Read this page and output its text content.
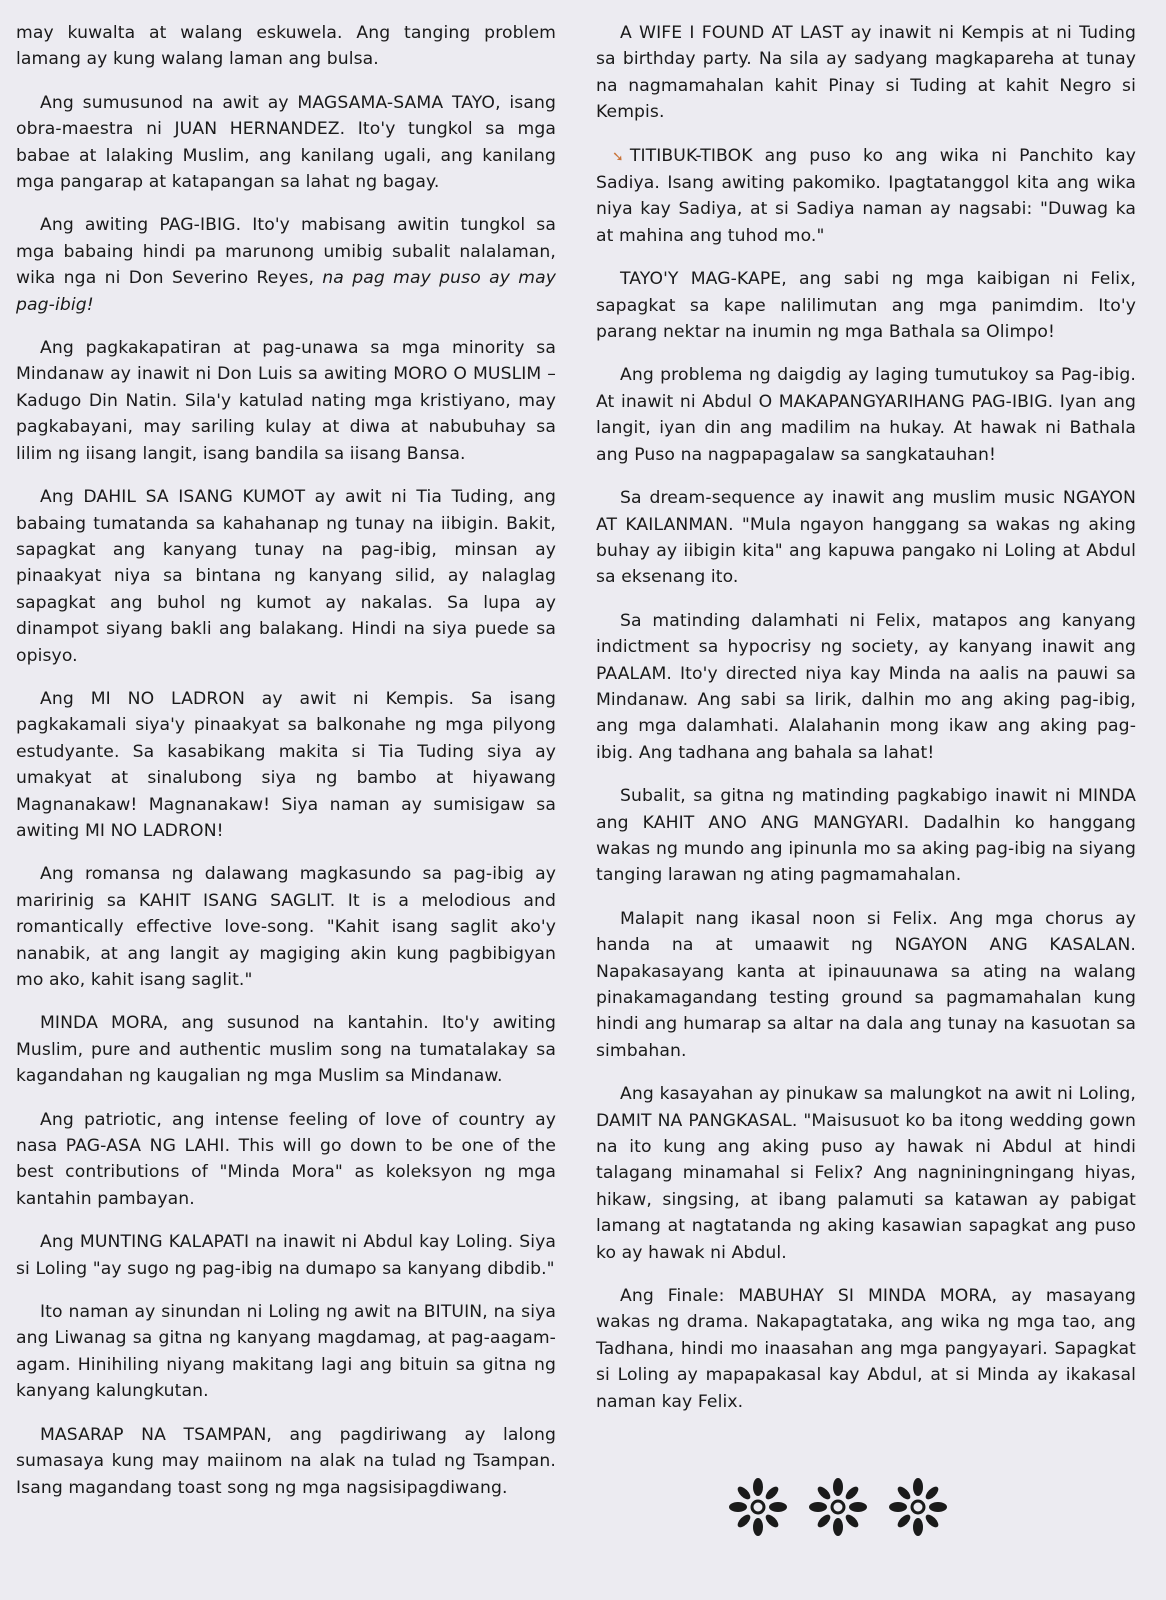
may kuwalta at walang eskuwela. Ang tanging problem lamang ay kung walang laman ang bulsa.

Ang sumusunod na awit ay MAGSAMA-SAMA TAYO, isang obra-maestra ni JUAN HERNANDEZ. Ito'y tungkol sa mga babae at lalaking Muslim, ang kanilang ugali, ang kanilang mga pangarap at katapangan sa lahat ng bagay.

Ang awiting PAG-IBIG. Ito'y mabisang awitin tungkol sa mga babaing hindi pa marunong umibig subalit nalalaman, wika nga ni Don Severino Reyes, na pag may puso ay may pag-ibig!

Ang pagkakapatiran at pag-unawa sa mga minority sa Mindanaw ay inawit ni Don Luis sa awiting MORO O MUSLIM – Kadugo Din Natin. Sila'y katulad nating mga kristiyano, may pagkabayani, may sariling kulay at diwa at nabubuhay sa lilim ng iisang langit, isang bandila sa iisang Bansa.

Ang DAHIL SA ISANG KUMOT ay awit ni Tia Tuding, ang babaing tumatanda sa kahahanap ng tunay na iibigin. Bakit, sapagkat ang kanyang tunay na pag-ibig, minsan ay pinaakyat niya sa bintana ng kanyang silid, ay nalaglag sapagkat ang buhol ng kumot ay nakalas. Sa lupa ay dinampot siyang bakli ang balakang. Hindi na siya puede sa opisyo.

Ang MI NO LADRON ay awit ni Kempis. Sa isang pagkakamali siya'y pinaakyat sa balkonahe ng mga pilyong estudyante. Sa kasabikang makita si Tia Tuding siya ay umakyat at sinalubong siya ng bambo at hiyawang Magnanakaw! Magnanakaw! Siya naman ay sumisigaw sa awiting MI NO LADRON!

Ang romansa ng dalawang magkasundo sa pag-ibig ay maririnig sa KAHIT ISANG SAGLIT. It is a melodious and romantically effective love-song. "Kahit isang saglit ako'y nanabik, at ang langit ay magiging akin kung pagbibigyan mo ako, kahit isang saglit."

MINDA MORA, ang susunod na kantahin. Ito'y awiting Muslim, pure and authentic muslim song na tumatalakay sa kagandahan ng kaugalian ng mga Muslim sa Mindanaw.

Ang patriotic, ang intense feeling of love of country ay nasa PAG-ASA NG LAHI. This will go down to be one of the best contributions of "Minda Mora" as koleksyon ng mga kantahin pambayan.

Ang MUNTING KALAPATI na inawit ni Abdul kay Loling. Siya si Loling "ay sugo ng pag-ibig na dumapo sa kanyang dibdib."

Ito naman ay sinundan ni Loling ng awit na BITUIN, na siya ang Liwanag sa gitna ng kanyang magdamag, at pag-aagam-agam. Hinihiling niyang makitang lagi ang bituin sa gitna ng kanyang kalungkutan.

MASARAP NA TSAMPAN, ang pagdiriwang ay lalong sumasaya kung may maiinom na alak na tulad ng Tsampan. Isang magandang toast song ng mga nagsisipagdiwang.

A WIFE I FOUND AT LAST ay inawit ni Kempis at ni Tuding sa birthday party. Na sila ay sadyang magkapareha at tunay na nagmamahalan kahit Pinay si Tuding at kahit Negro si Kempis.

➘ TITIBUK-TIBOK ang puso ko ang wika ni Panchito kay Sadiya. Isang awiting pakomiko. Ipagtatanggol kita ang wika niya kay Sadiya, at si Sadiya naman ay nagsabi: "Duwag ka at mahina ang tuhod mo."

TAYO'Y MAG-KAPE, ang sabi ng mga kaibigan ni Felix, sapagkat sa kape nalilimutan ang mga panimdim. Ito'y parang nektar na inumin ng mga Bathala sa Olimpo!

Ang problema ng daigdig ay laging tumutukoy sa Pag-ibig. At inawit ni Abdul O MAKAPANGYARIHANG PAG-IBIG. Iyan ang langit, iyan din ang madilim na hukay. At hawak ni Bathala ang Puso na nagpapagalaw sa sangkatauhan!

Sa dream-sequence ay inawit ang muslim music NGAYON AT KAILANMAN. "Mula ngayon hanggang sa wakas ng aking buhay ay iibigin kita" ang kapuwa pangako ni Loling at Abdul sa eksenang ito.

Sa matinding dalamhati ni Felix, matapos ang kanyang indictment sa hypocrisy ng society, ay kanyang inawit ang PAALAM. Ito'y directed niya kay Minda na aalis na pauwi sa Mindanaw. Ang sabi sa lirik, dalhin mo ang aking pag-ibig, ang mga dalamhati. Alalahanin mong ikaw ang aking pag-ibig. Ang tadhana ang bahala sa lahat!

Subalit, sa gitna ng matinding pagkabigo inawit ni MINDA ang KAHIT ANO ANG MANGYARI. Dadalhin ko hanggang wakas ng mundo ang ipinunla mo sa aking pag-ibig na siyang tanging larawan ng ating pagmamahalan.

Malapit nang ikasal noon si Felix. Ang mga chorus ay handa na at umaawit ng NGAYON ANG KASALAN. Napakasayang kanta at ipinauunawa sa ating na walang pinakamagandang testing ground sa pagmamahalan kung hindi ang humarap sa altar na dala ang tunay na kasuotan sa simbahan.

Ang kasayahan ay pinukaw sa malungkot na awit ni Loling, DAMIT NA PANGKASAL. "Maisusuot ko ba itong wedding gown na ito kung ang aking puso ay hawak ni Abdul at hindi talagang minamahal si Felix? Ang nagniningningang hiyas, hikaw, singsing, at ibang palamuti sa katawan ay pabigat lamang at nagtatanda ng aking kasawian sapagkat ang puso ko ay hawak ni Abdul.

Ang Finale: MABUHAY SI MINDA MORA, ay masayang wakas ng drama. Nakapagtataka, ang wika ng mga tao, ang Tadhana, hindi mo inaasahan ang mga pangyayari. Sapagkat si Loling ay mapapakasal kay Abdul, at si Minda ay ikakasal naman kay Felix.
